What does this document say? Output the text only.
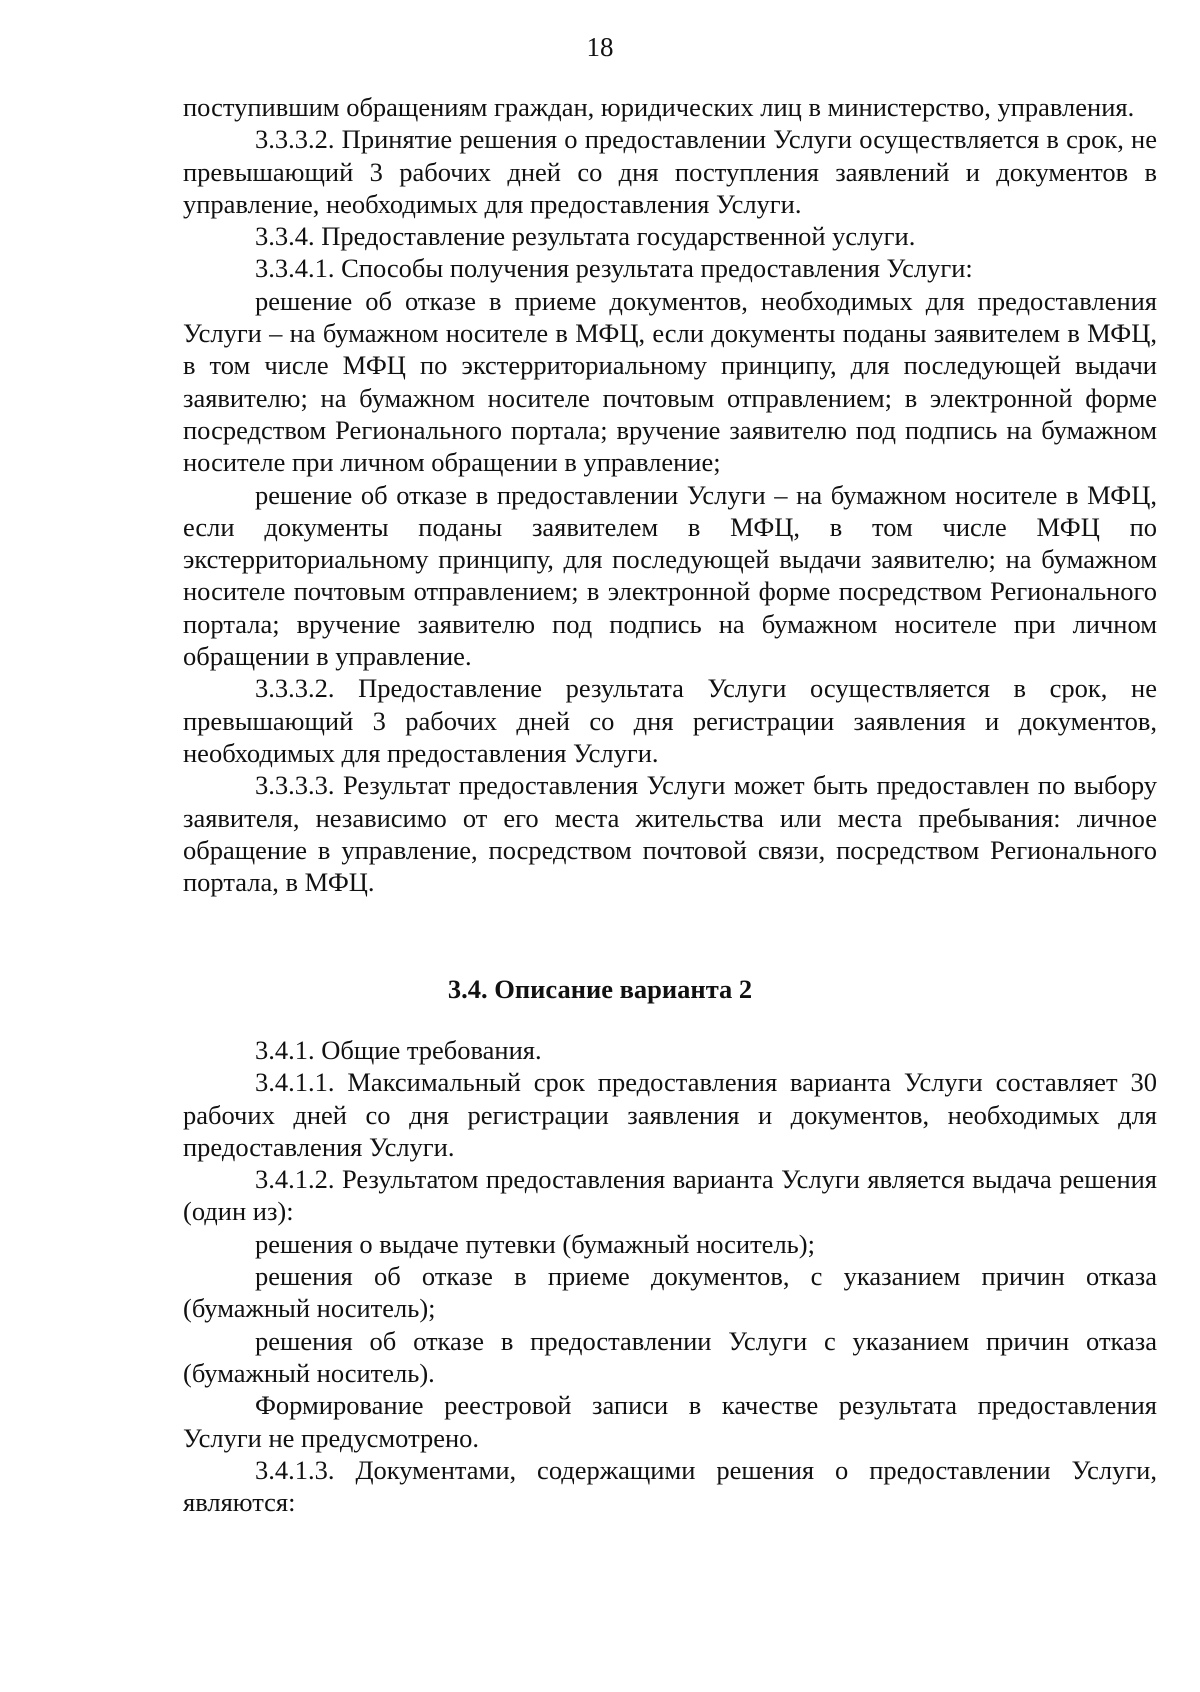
18

поступившим обращениям граждан, юридических лиц в министерство, управления.

3.3.3.2. Принятие решения о предоставлении Услуги осуществляется в срок, не превышающий 3 рабочих дней со дня поступления заявлений и документов в управление, необходимых для предоставления Услуги.

3.3.4. Предоставление результата государственной услуги.

3.3.4.1. Способы получения результата предоставления Услуги:

решение об отказе в приеме документов, необходимых для предоставления Услуги – на бумажном носителе в МФЦ, если документы поданы заявителем в МФЦ, в том числе МФЦ по экстерриториальному принципу, для последующей выдачи заявителю; на бумажном носителе почтовым отправлением; в электронной форме посредством Регионального портала; вручение заявителю под подпись на бумажном носителе при личном обращении в управление;

решение об отказе в предоставлении Услуги – на бумажном носителе в МФЦ, если документы поданы заявителем в МФЦ, в том числе МФЦ по экстерриториальному принципу, для последующей выдачи заявителю; на бумажном носителе почтовым отправлением; в электронной форме посредством Регионального портала; вручение заявителю под подпись на бумажном носителе при личном обращении в управление.

3.3.3.2. Предоставление результата Услуги осуществляется в срок, не превышающий 3 рабочих дней со дня регистрации заявления и документов, необходимых для предоставления Услуги.

3.3.3.3. Результат предоставления Услуги может быть предоставлен по выбору заявителя, независимо от его места жительства или места пребывания: личное обращение в управление, посредством почтовой связи, посредством Регионального портала, в МФЦ.

3.4. Описание варианта 2

3.4.1. Общие требования.

3.4.1.1. Максимальный срок предоставления варианта Услуги составляет 30 рабочих дней со дня регистрации заявления и документов, необходимых для предоставления Услуги.

3.4.1.2. Результатом предоставления варианта Услуги является выдача решения (один из):

решения о выдаче путевки (бумажный носитель);

решения об отказе в приеме документов, с указанием причин отказа (бумажный носитель);

решения об отказе в предоставлении Услуги с указанием причин отказа (бумажный носитель).

Формирование реестровой записи в качестве результата предоставления Услуги не предусмотрено.

3.4.1.3. Документами, содержащими решения о предоставлении Услуги, являются:
